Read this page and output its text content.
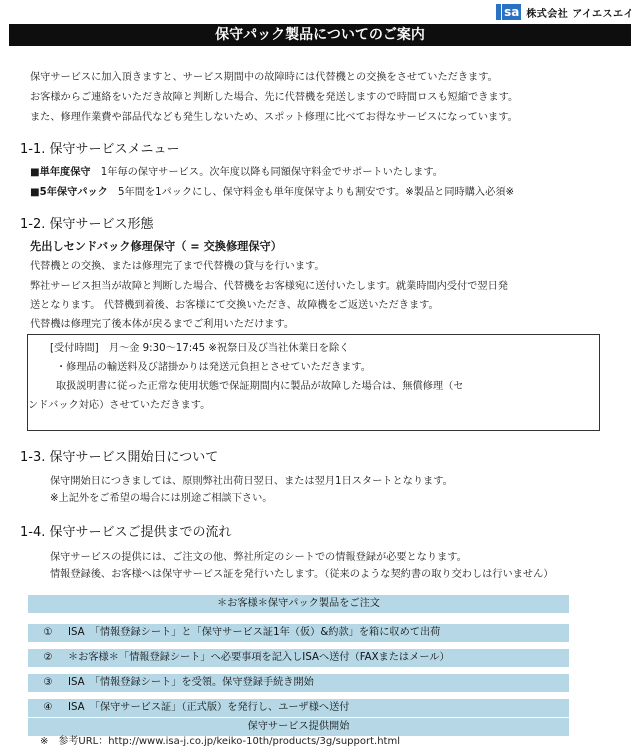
sa 株式会社 アイエスエイ
保守パック製品についてのご案内
保守サービスに加入頂きますと、サービス期間中の故障時には代替機との交換をさせていただきます。
お客様からご連絡をいただき故障と判断した場合、先に代替機を発送しますので時間ロスも短縮できます。
また、修理作業費や部品代なども発生しないため、スポット修理に比べてお得なサービスになっています。
1-1. 保守サービスメニュー
■単年度保守　 1年毎の保守サービス。次年度以降も同額保守料金でサポートいたします。
■5年保守パック　 5年間を1パックにし、保守料金も単年度保守よりも割安です。※製品と同時購入必須※
1-2. 保守サービス形態
先出しセンドバック修理保守（ = 交換修理保守）
代替機との交換、または修理完了まで代替機の貸与を行います。
弊社サービス担当が故障と判断した場合、代替機をお客様宛に送付いたします。就業時間内受付で翌日発
送となります。 代替機到着後、お客様にて交換いただき、故障機をご返送いただきます。
代替機は修理完了後本体が戻るまでご利用いただけます。
[受付時間]　月～金 9:30～17:45 ※祝祭日及び当社休業日を除く
・修理品の輸送料及び諸掛かりは発送元負担とさせていただきます。
取扱説明書に従った正常な使用状態で保証期間内に製品が故障した場合は、無償修理（セ
ンドバック対応）させていただきます。
1-3. 保守サービス開始日について
保守開始日につきましては、原則弊社出荷日翌日、または翌月1日スタートとなります。
※上記外をご希望の場合には別途ご相談下さい。
1-4. 保守サービスご提供までの流れ
保守サービスの提供には、ご注文の他、弊社所定のシートでの情報登録が必要となります。
情報登録後、お客様へは保守サービス証を発行いたします。（従来のような契約書の取り交わしは行いません）
＊お客様＊保守パック製品をご注文
① ISA　「情報登録シート」と「保守サービス証1年（仮）&約款」を箱に収めて出荷
② ＊お客様＊「情報登録シート」へ必要事項を記入しISAへ送付（FAXまたはメール）
③ ISA　「情報登録シート」を受領。保守登録手続き開始
④ ISA　「保守サービス証」（正式版）を発行し、ユーザ様へ送付
保守サービス提供開始
※　参考URL：http://www.isa-j.co.jp/keiko-10th/products/3g/support.html
